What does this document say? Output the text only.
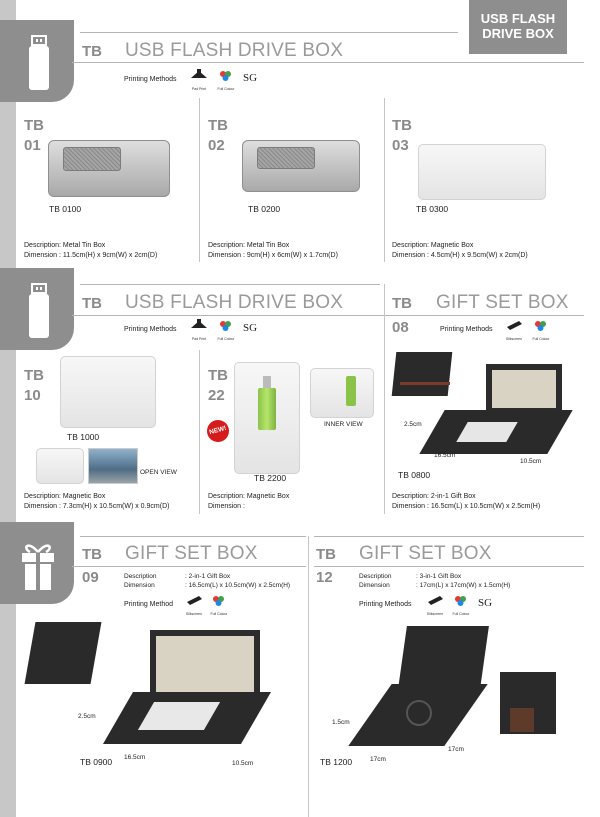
USB FLASH
DRIVE BOX
TB USB FLASH DRIVE BOX
Printing Methods
Pad Print	Full Colour
SG
TB
01
TB 0100
Description: Metal Tin Box
Dimension : 11.5cm(H) x 9cm(W) x 2cm(D)
TB
02
TB 0200
Description: Metal Tin Box
Dimension : 9cm(H) x 6cm(W) x 1.7cm(D)
TB
03
TB 0300
Description: Magnetic Box
Dimension : 4.5cm(H) x 9.5cm(W) x 2cm(D)
TB USB FLASH DRIVE BOX
Printing Methods
Pad Print	Full Colour
SG
TB GIFT SET BOX
08	Printing Methods
Silkscreen	Full Colour
TB
10
TB 1000
OPEN VIEW
Description: Magnetic Box
Dimension : 7.3cm(H) x 10.5cm(W) x 0.9cm(D)
TB
22
NEW!
TB 2200
INNER VIEW
Description: Magnetic Box
Dimension :
2.5cm
16.5cm
10.5cm
TB 0800
Description: 2-in-1 Gift Box
Dimension : 16.5cm(L) x 10.5cm(W) x 2.5cm(H)
TB GIFT SET BOX
09	Description	: 2-in-1 Gift Box
Dimension	: 16.5cm(L) x 10.5cm(W) x 2.5cm(H)
Printing Method
Silkscreen	Full Colour
TB GIFT SET BOX
12	Description	: 3-in-1 Gift Box
Dimension	: 17cm(L) x 17cm(W) x 1.5cm(H)
Printing Methods
Silkscreen	Full Colour
SG
2.5cm
16.5cm
10.5cm
TB 0900
1.5cm
17cm
17cm
TB 1200
